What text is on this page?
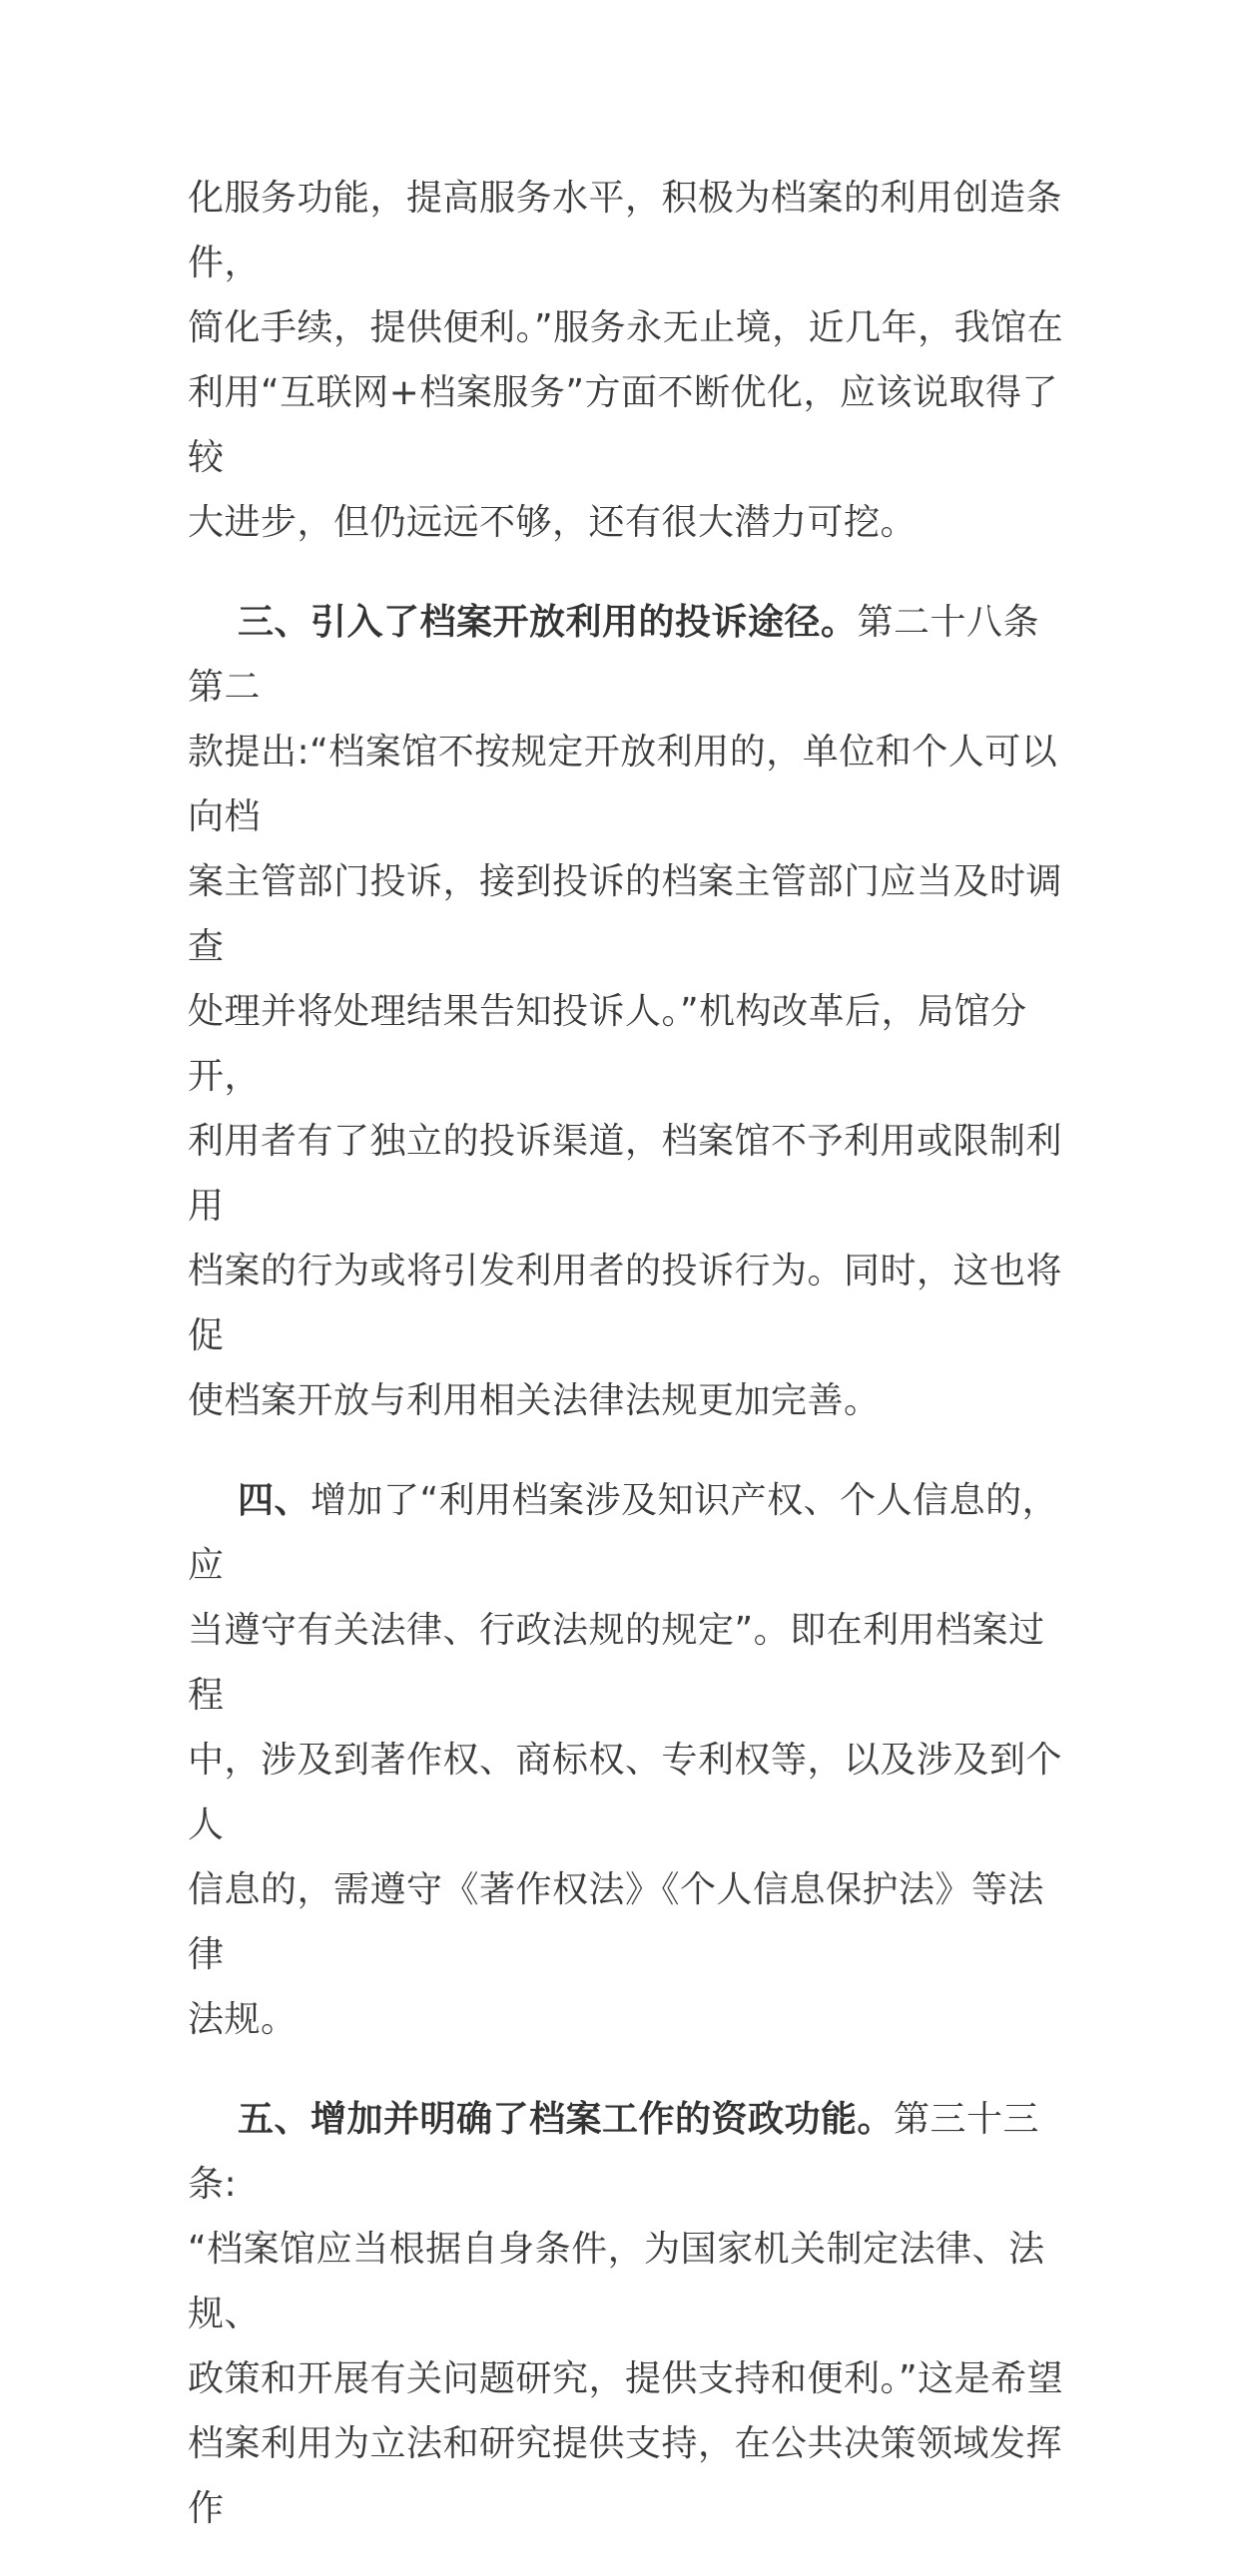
化服务功能，提高服务水平，积极为档案的利用创造条件，
简化手续，提供便利。”服务永无止境，近几年，我馆在
利用“互联网+档案服务”方面不断优化，应该说取得了较
大进步，但仍远远不够，还有很大潜力可挖。

三、引入了档案开放利用的投诉途径。第二十八条第二
款提出:“档案馆不按规定开放利用的，单位和个人可以向档
案主管部门投诉，接到投诉的档案主管部门应当及时调查
处理并将处理结果告知投诉人。”机构改革后，局馆分开，
利用者有了独立的投诉渠道，档案馆不予利用或限制利用
档案的行为或将引发利用者的投诉行为。同时，这也将促
使档案开放与利用相关法律法规更加完善。

四、增加了“利用档案涉及知识产权、个人信息的，应
当遵守有关法律、行政法规的规定”。即在利用档案过程
中，涉及到著作权、商标权、专利权等，以及涉及到个人
信息的，需遵守《著作权法》《个人信息保护法》等法律
法规。

五、增加并明确了档案工作的资政功能。第三十三条:
“档案馆应当根据自身条件，为国家机关制定法律、法规、
政策和开展有关问题研究，提供支持和便利。”这是希望
档案利用为立法和研究提供支持，在公共决策领域发挥作
